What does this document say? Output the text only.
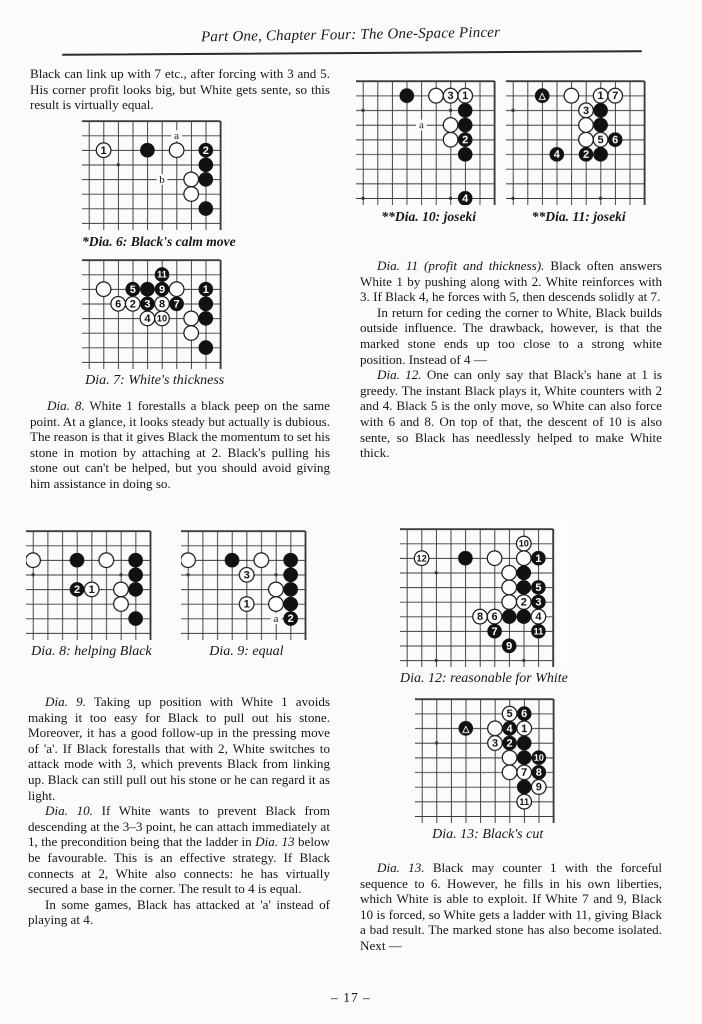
Part One, Chapter Four: The One-Space Pincer

Black can link up with 7 etc., after forcing with 3 and 5. His corner profit looks big, but White gets sente, so this result is virtually equal.

*Dia. 6: Black's calm move
Dia. 7: White's thickness

Dia. 8. White 1 forestalls a black peep on the same point. At a glance, it looks steady but actually is dubious. The reason is that it gives Black the momentum to set his stone in motion by attaching at 2. Black's pulling his stone out can't be helped, but you should avoid giving him assistance in doing so.

Dia. 8: helping Black	Dia. 9: equal

Dia. 9. Taking up position with White 1 avoids making it too easy for Black to pull out his stone. Moreover, it has a good follow-up in the pressing move of 'a'. If Black forestalls that with 2, White switches to attack mode with 3, which prevents Black from linking up. Black can still pull out his stone or he can regard it as light.

Dia. 10. If White wants to prevent Black from descending at the 3–3 point, he can attach immediately at 1, the precondition being that the ladder in Dia. 13 below be favourable. This is an effective strategy. If Black connects at 2, White also connects: he has virtually secured a base in the corner. The result to 4 is equal.

In some games, Black has attacked at 'a' instead of playing at 4.

**Dia. 10: joseki	**Dia. 11: joseki

Dia. 11 (profit and thickness). Black often answers White 1 by pushing along with 2. White reinforces with 3. If Black 4, he forces with 5, then descends solidly at 7.

In return for ceding the corner to White, Black builds outside influence. The drawback, however, is that the marked stone ends up too close to a strong white position. Instead of 4 —

Dia. 12. One can only say that Black's hane at 1 is greedy. The instant Black plays it, White counters with 2 and 4. Black 5 is the only move, so White can also force with 6 and 8. On top of that, the descent of 10 is also sente, so Black has needlessly helped to make White thick.

Dia. 12: reasonable for White
Dia. 13: Black's cut

Dia. 13. Black may counter 1 with the forceful sequence to 6. However, he fills in his own liberties, which White is able to exploit. If White 7 and 9, Black 10 is forced, so White gets a ladder with 11, giving Black a bad result. The marked stone has also become isolated. Next —

– 17 –
